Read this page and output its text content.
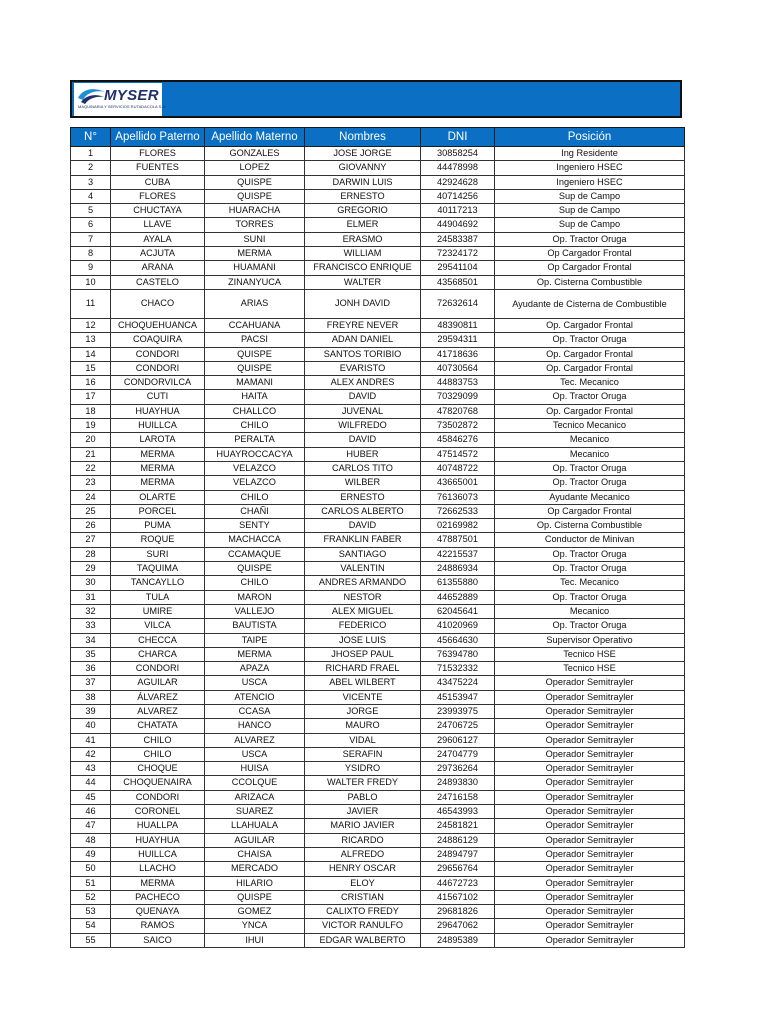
MYSER
MAQUINARIA Y SERVICIOS RUTADACOLA S.A.
N°	Apellido Paterno	Apellido Materno	Nombres	DNI	Posición
1	FLORES	GONZALES	JOSE JORGE	30858254	Ing Residente
2	FUENTES	LOPEZ	GIOVANNY	44478998	Ingeniero HSEC
3	CUBA	QUISPE	DARWIN LUIS	42924628	Ingeniero HSEC
4	FLORES	QUISPE	ERNESTO	40714256	Sup de Campo
5	CHUCTAYA	HUARACHA	GREGORIO	40117213	Sup de Campo
6	LLAVE	TORRES	ELMER	44904692	Sup de Campo
7	AYALA	SUNI	ERASMO	24583387	Op. Tractor Oruga
8	ACJUTA	MERMA	WILLIAM	72324172	Op Cargador Frontal
9	ARANA	HUAMANI	FRANCISCO ENRIQUE	29541104	Op Cargador Frontal
10	CASTELO	ZINANYUCA	WALTER	43568501	Op. Cisterna Combustible
11	CHACO	ARIAS	JONH DAVID	72632614	Ayudante de Cisterna de Combustible
12	CHOQUEHUANCA	CCAHUANA	FREYRE NEVER	48390811	Op. Cargador Frontal
13	COAQUIRA	PACSI	ADAN DANIEL	29594311	Op. Tractor Oruga
14	CONDORI	QUISPE	SANTOS TORIBIO	41718636	Op. Cargador Frontal
15	CONDORI	QUISPE	EVARISTO	40730564	Op. Cargador Frontal
16	CONDORVILCA	MAMANI	ALEX ANDRES	44883753	Tec. Mecanico
17	CUTI	HAITA	DAVID	70329099	Op. Tractor Oruga
18	HUAYHUA	CHALLCO	JUVENAL	47820768	Op. Cargador Frontal
19	HUILLCA	CHILO	WILFREDO	73502872	Tecnico Mecanico
20	LAROTA	PERALTA	DAVID	45846276	Mecanico
21	MERMA	HUAYROCCACYA	HUBER	47514572	Mecanico
22	MERMA	VELAZCO	CARLOS TITO	40748722	Op. Tractor Oruga
23	MERMA	VELAZCO	WILBER	43665001	Op. Tractor Oruga
24	OLARTE	CHILO	ERNESTO	76136073	Ayudante Mecanico
25	PORCEL	CHAÑI	CARLOS ALBERTO	72662533	Op Cargador Frontal
26	PUMA	SENTY	DAVID	02169982	Op. Cisterna Combustible
27	ROQUE	MACHACCA	FRANKLIN FABER	47887501	Conductor de Minivan
28	SURI	CCAMAQUE	SANTIAGO	42215537	Op. Tractor Oruga
29	TAQUIMA	QUISPE	VALENTIN	24886934	Op. Tractor Oruga
30	TANCAYLLO	CHILO	ANDRES ARMANDO	61355880	Tec. Mecanico
31	TULA	MARON	NESTOR	44652889	Op. Tractor Oruga
32	UMIRE	VALLEJO	ALEX MIGUEL	62045641	Mecanico
33	VILCA	BAUTISTA	FEDERICO	41020969	Op. Tractor Oruga
34	CHECCA	TAIPE	JOSE LUIS	45664630	Supervisor Operativo
35	CHARCA	MERMA	JHOSEP PAUL	76394780	Tecnico HSE
36	CONDORI	APAZA	RICHARD FRAEL	71532332	Tecnico HSE
37	AGUILAR	USCA	ABEL WILBERT	43475224	Operador Semitrayler
38	ÁLVAREZ	ATENCIO	VICENTE	45153947	Operador Semitrayler
39	ALVAREZ	CCASA	JORGE	23993975	Operador Semitrayler
40	CHATATA	HANCO	MAURO	24706725	Operador Semitrayler
41	CHILO	ALVAREZ	VIDAL	29606127	Operador Semitrayler
42	CHILO	USCA	SERAFIN	24704779	Operador Semitrayler
43	CHOQUE	HUISA	YSIDRO	29736264	Operador Semitrayler
44	CHOQUENAIRA	CCOLQUE	WALTER FREDY	24893830	Operador Semitrayler
45	CONDORI	ARIZACA	PABLO	24716158	Operador Semitrayler
46	CORONEL	SUAREZ	JAVIER	46543993	Operador Semitrayler
47	HUALLPA	LLAHUALA	MARIO JAVIER	24581821	Operador Semitrayler
48	HUAYHUA	AGUILAR	RICARDO	24886129	Operador Semitrayler
49	HUILLCA	CHAISA	ALFREDO	24894797	Operador Semitrayler
50	LLACHO	MERCADO	HENRY OSCAR	29656764	Operador Semitrayler
51	MERMA	HILARIO	ELOY	44672723	Operador Semitrayler
52	PACHECO	QUISPE	CRISTIAN	41567102	Operador Semitrayler
53	QUENAYA	GOMEZ	CALIXTO FREDY	29681826	Operador Semitrayler
54	RAMOS	YNCA	VICTOR RANULFO	29647062	Operador Semitrayler
55	SAICO	IHUI	EDGAR WALBERTO	24895389	Operador Semitrayler
